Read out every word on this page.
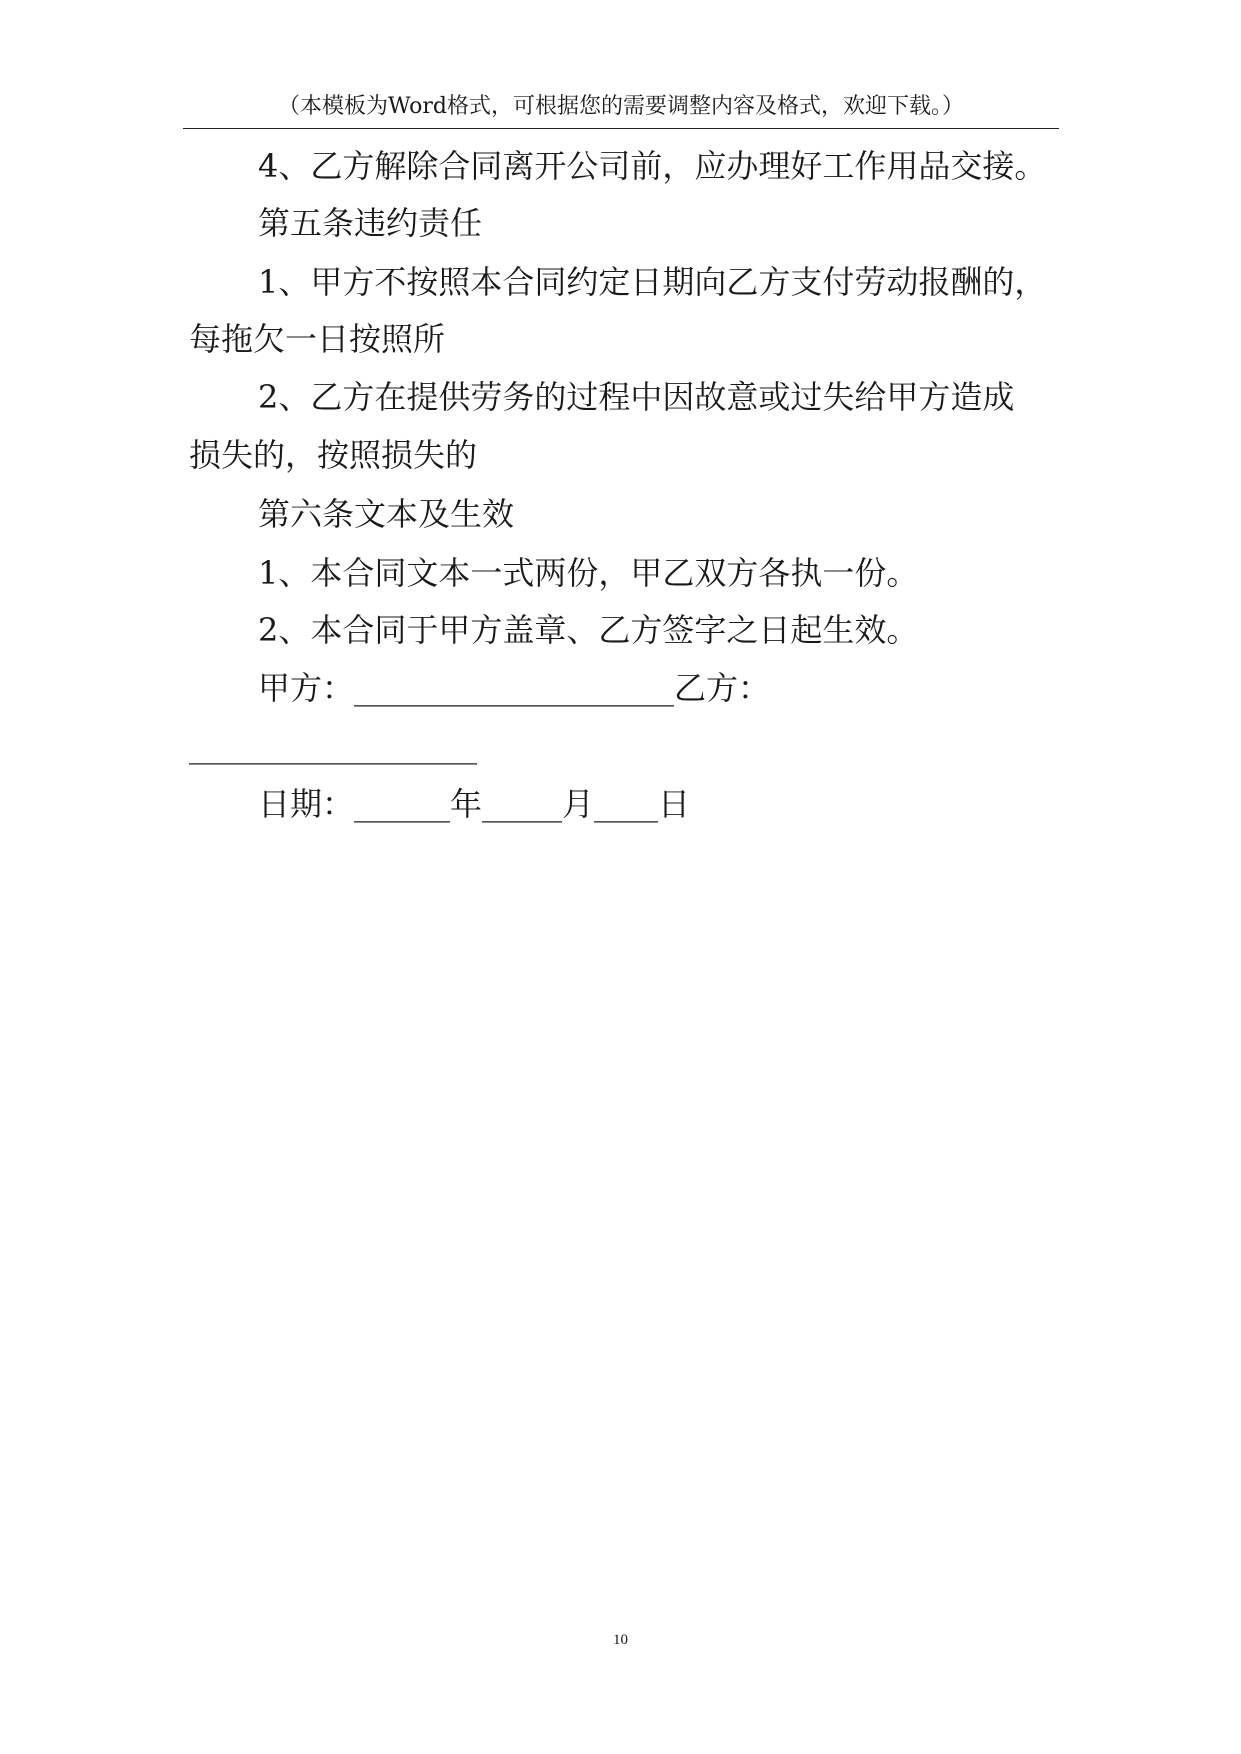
（本模板为Word格式，可根据您的需要调整内容及格式，欢迎下载。）
4、乙方解除合同离开公司前，应办理好工作用品交接。
第五条违约责任
1、甲方不按照本合同约定日期向乙方支付劳动报酬的，
每拖欠一日按照所
2、乙方在提供劳务的过程中因故意或过失给甲方造成
损失的，按照损失的
第六条文本及生效
1、本合同文本一式两份，甲乙双方各执一份。
2、本合同于甲方盖章、乙方签字之日起生效。
甲方：____________________乙方：
__________________
日期：______年_____月____日
10
